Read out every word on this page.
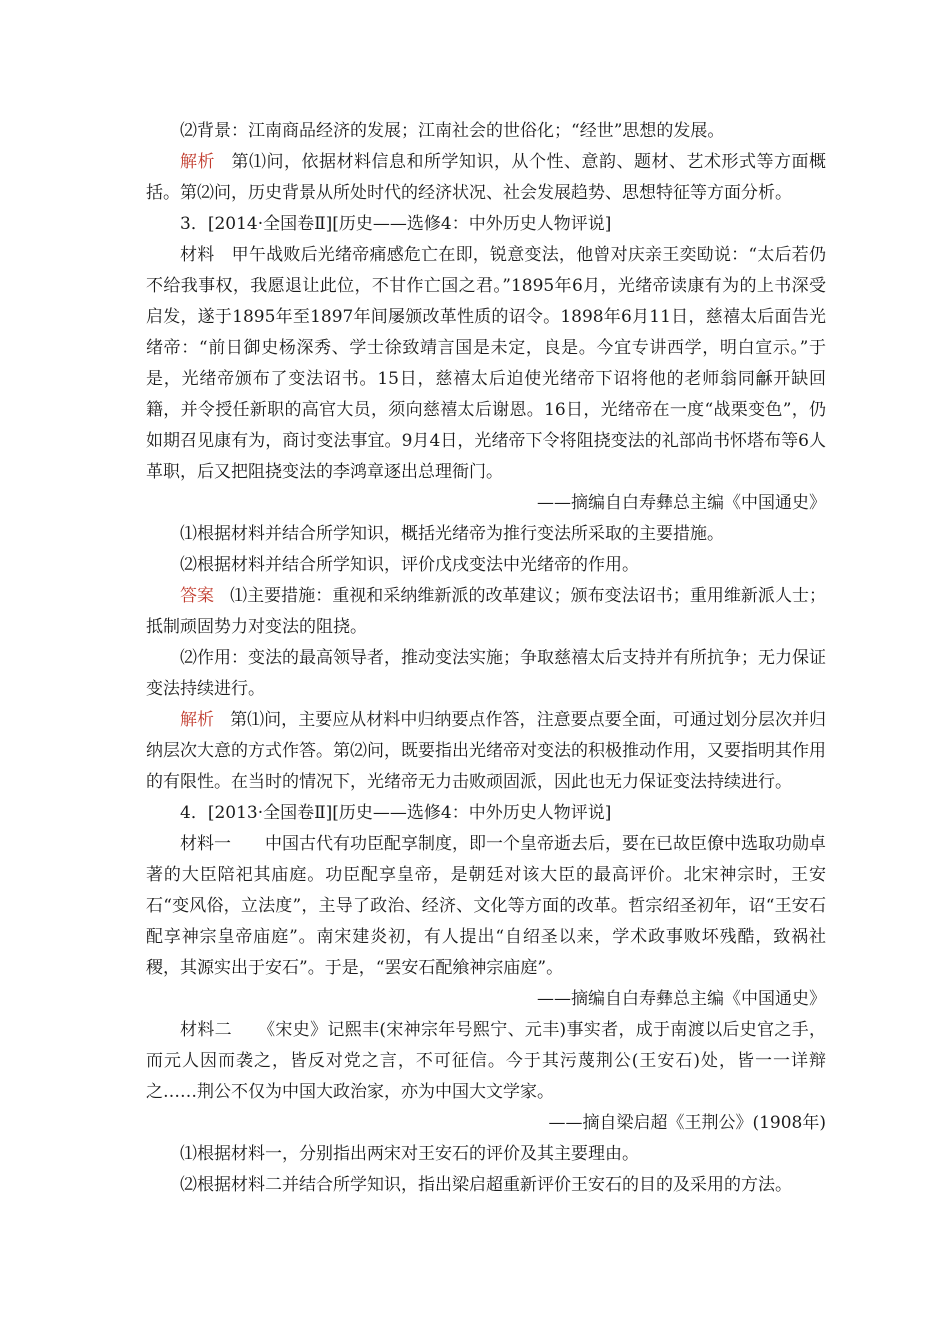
⑵背景：江南商品经济的发展；江南社会的世俗化；“经世”思想的发展。

解析 第⑴问，依据材料信息和所学知识，从个性、意韵、题材、艺术形式等方面概括。第⑵问，历史背景从所处时代的经济状况、社会发展趋势、思想特征等方面分析。

3．[2014·全国卷Ⅱ][历史——选修4：中外历史人物评说]

材料　甲午战败后光绪帝痛感危亡在即，锐意变法，他曾对庆亲王奕劻说：“太后若仍不给我事权，我愿退让此位，不甘作亡国之君。”1895年6月，光绪帝读康有为的上书深受启发，遂于1895年至1897年间屡颁改革性质的诏令。1898年6月11日，慈禧太后面告光绪帝：“前日御史杨深秀、学士徐致靖言国是未定，良是。今宜专讲西学，明白宣示。”于是，光绪帝颁布了变法诏书。15日，慈禧太后迫使光绪帝下诏将他的老师翁同龢开缺回籍，并令授任新职的高官大员，须向慈禧太后谢恩。16日，光绪帝在一度“战栗变色”，仍如期召见康有为，商讨变法事宜。9月4日，光绪帝下令将阻挠变法的礼部尚书怀塔布等6人革职，后又把阻挠变法的李鸿章逐出总理衙门。

——摘编自白寿彝总主编《中国通史》

⑴根据材料并结合所学知识，概括光绪帝为推行变法所采取的主要措施。

⑵根据材料并结合所学知识，评价戊戌变法中光绪帝的作用。

答案 ⑴主要措施：重视和采纳维新派的改革建议；颁布变法诏书；重用维新派人士；抵制顽固势力对变法的阻挠。

⑵作用：变法的最高领导者，推动变法实施；争取慈禧太后支持并有所抗争；无力保证变法持续进行。

解析 第⑴问，主要应从材料中归纳要点作答，注意要点要全面，可通过划分层次并归纳层次大意的方式作答。第⑵问，既要指出光绪帝对变法的积极推动作用，又要指明其作用的有限性。在当时的情况下，光绪帝无力击败顽固派，因此也无力保证变法持续进行。

4．[2013·全国卷Ⅱ][历史——选修4：中外历史人物评说]

材料一　　中国古代有功臣配享制度，即一个皇帝逝去后，要在已故臣僚中选取功勋卓著的大臣陪祀其庙庭。功臣配享皇帝，是朝廷对该大臣的最高评价。北宋神宗时，王安石“变风俗，立法度”，主导了政治、经济、文化等方面的改革。哲宗绍圣初年，诏“王安石配享神宗皇帝庙庭”。南宋建炎初，有人提出“自绍圣以来，学术政事败坏残酷，致祸社稷，其源实出于安石”。于是，“罢安石配飨神宗庙庭”。

——摘编自白寿彝总主编《中国通史》

材料二　　《宋史》记熙丰(宋神宗年号熙宁、元丰)事实者，成于南渡以后史官之手，而元人因而袭之，皆反对党之言，不可征信。今于其污蔑荆公(王安石)处，皆一一详辩之……荆公不仅为中国大政治家，亦为中国大文学家。

——摘自梁启超《王荆公》(1908年)

⑴根据材料一，分别指出两宋对王安石的评价及其主要理由。

⑵根据材料二并结合所学知识，指出梁启超重新评价王安石的目的及采用的方法。
